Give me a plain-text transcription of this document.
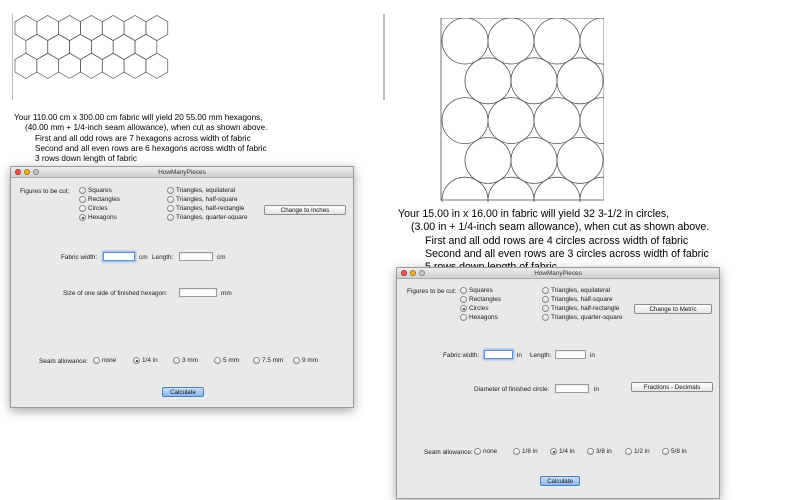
Your 110.00 cm x 300.00 cm fabric will yield 20 55.00 mm hexagons,
(40.00 mm + 1/4-inch seam allowance), when cut as shown above.
First and all odd rows are 7 hexagons across width of fabric
Second and all even rows are 6 hexagons across width of fabric
3 rows down length of fabric
Your 15.00 in x 16.00 in fabric will yield 32 3-1/2 in circles,
(3.00 in + 1/4-inch seam allowance), when cut as shown above.
First and all odd rows are 4 circles across width of fabric
Second and all even rows are 3 circles across width of fabric
HowManyPieces
Figures to be cut:	Squares
Rectangles
Circles
Hexagons
Triangles, equilateral
Triangles, half-square
Triangles, half-rectangle
Triangles, quarter-square
Change to Inches
Fabric width:	cm Length:	cm
Size of one side of finished hexagon:	mm
Seam allowance: none	1/4 in	3 mm	5 mm	7.5 mm	9 mm
Calculate
HowManyPieces
Figures to be cut: Squares
Rectangles
Circles
Hexagons
Triangles, equilateral
Triangles, half-square
Triangles, half-rectangle
Triangles, quarter-square
Change to Metric
Fabric width:	in Length:	in
Diameter of finished circle:	in	Fractions - Decimals
Seam allowance: none	1/8 in	1/4 in	3/8 in	1/2 in	5/8 in
Calculate
